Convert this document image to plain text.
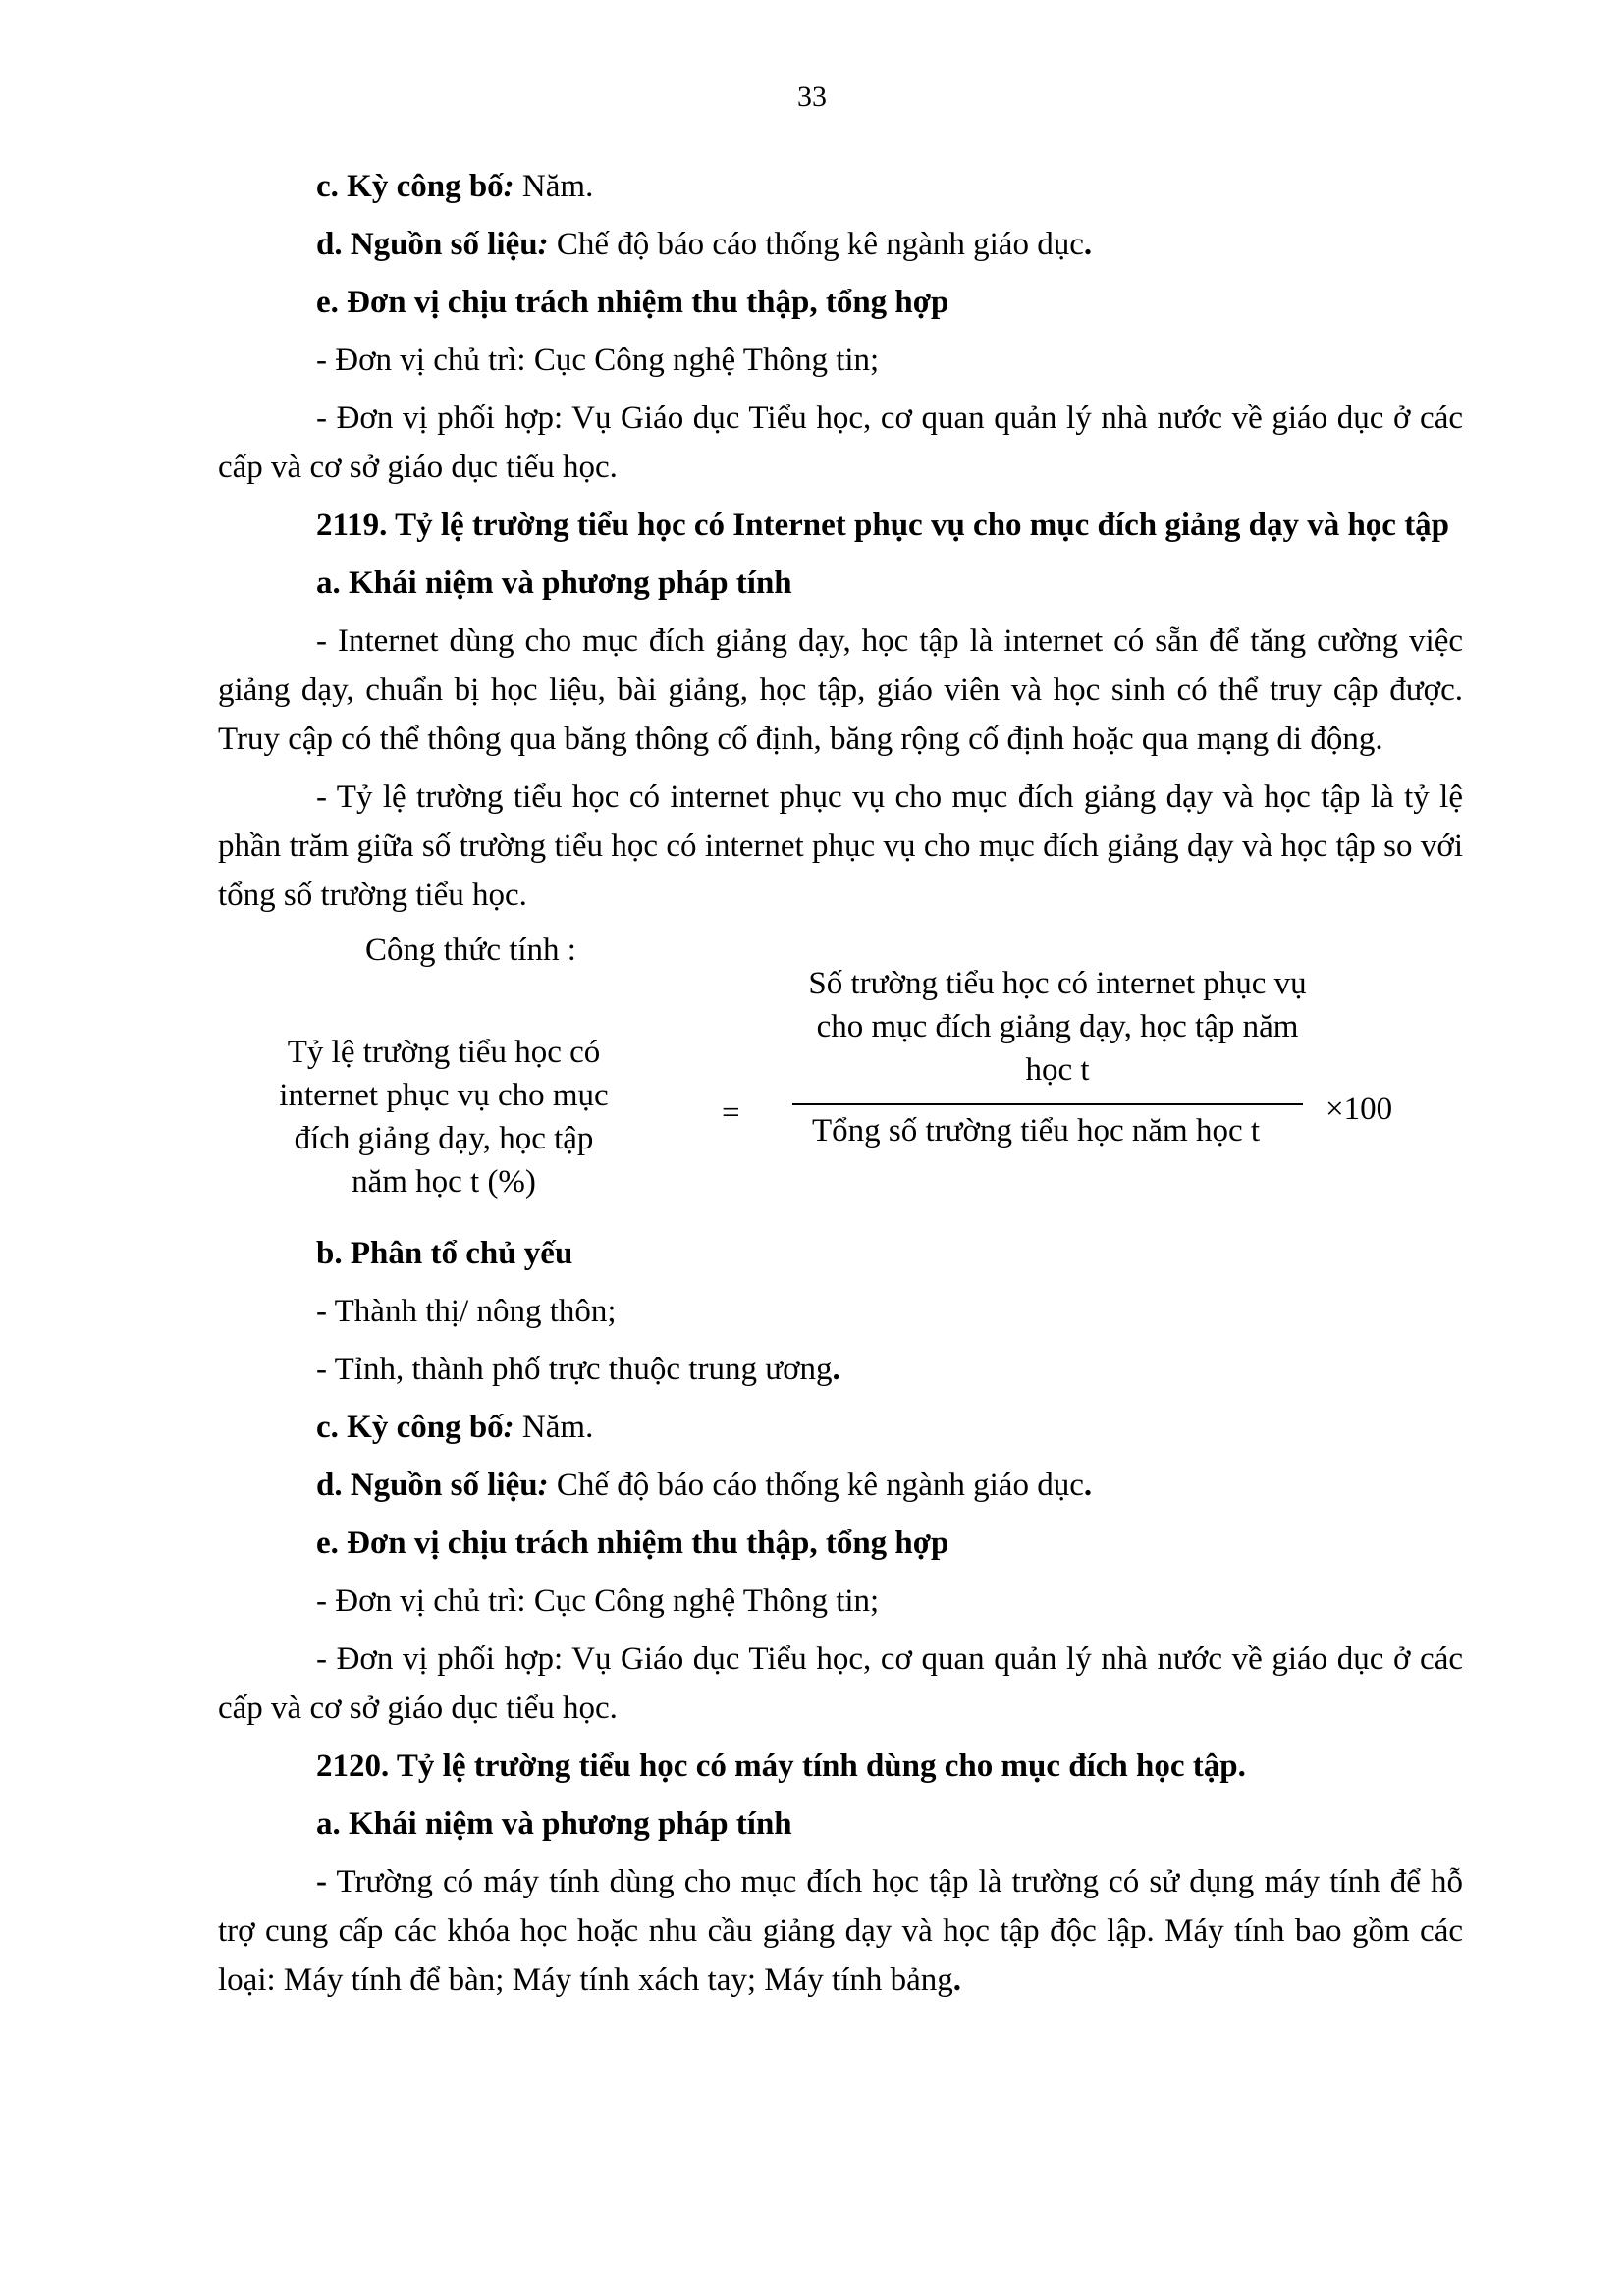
33

c. Kỳ công bố: Năm.

d. Nguồn số liệu: Chế độ báo cáo thống kê ngành giáo dục.

e. Đơn vị chịu trách nhiệm thu thập, tổng hợp

- Đơn vị chủ trì: Cục Công nghệ Thông tin;

- Đơn vị phối hợp: Vụ Giáo dục Tiểu học, cơ quan quản lý nhà nước về giáo dục ở các cấp và cơ sở giáo dục tiểu học.

2119. Tỷ lệ trường tiểu học có Internet phục vụ cho mục đích giảng dạy và học tập

a. Khái niệm và phương pháp tính

- Internet dùng cho mục đích giảng dạy, học tập là internet có sẵn để tăng cường việc giảng dạy, chuẩn bị học liệu, bài giảng, học tập, giáo viên và học sinh có thể truy cập được. Truy cập có thể thông qua băng thông cố định, băng rộng cố định hoặc qua mạng di động.

- Tỷ lệ trường tiểu học có internet phục vụ cho mục đích giảng dạy và học tập là tỷ lệ phần trăm giữa số trường tiểu học có internet phục vụ cho mục đích giảng dạy và học tập so với tổng số trường tiểu học.

Công thức tính :
Tỷ lệ trường tiểu học có internet phục vụ cho mục đích giảng dạy, học tập năm học t (%)
=
Số trường tiểu học có internet phục vụ cho mục đích giảng dạy, học tập năm học t
Tổng số trường tiểu học năm học t
×100

b. Phân tổ chủ yếu

- Thành thị/ nông thôn;

- Tỉnh, thành phố trực thuộc trung ương.

c. Kỳ công bố: Năm.

d. Nguồn số liệu: Chế độ báo cáo thống kê ngành giáo dục.

e. Đơn vị chịu trách nhiệm thu thập, tổng hợp

- Đơn vị chủ trì: Cục Công nghệ Thông tin;

- Đơn vị phối hợp: Vụ Giáo dục Tiểu học, cơ quan quản lý nhà nước về giáo dục ở các cấp và cơ sở giáo dục tiểu học.

2120. Tỷ lệ trường tiểu học có máy tính dùng cho mục đích học tập.

a. Khái niệm và phương pháp tính

- Trường có máy tính dùng cho mục đích học tập là trường có sử dụng máy tính để hỗ trợ cung cấp các khóa học hoặc nhu cầu giảng dạy và học tập độc lập. Máy tính bao gồm các loại: Máy tính để bàn; Máy tính xách tay; Máy tính bảng.
